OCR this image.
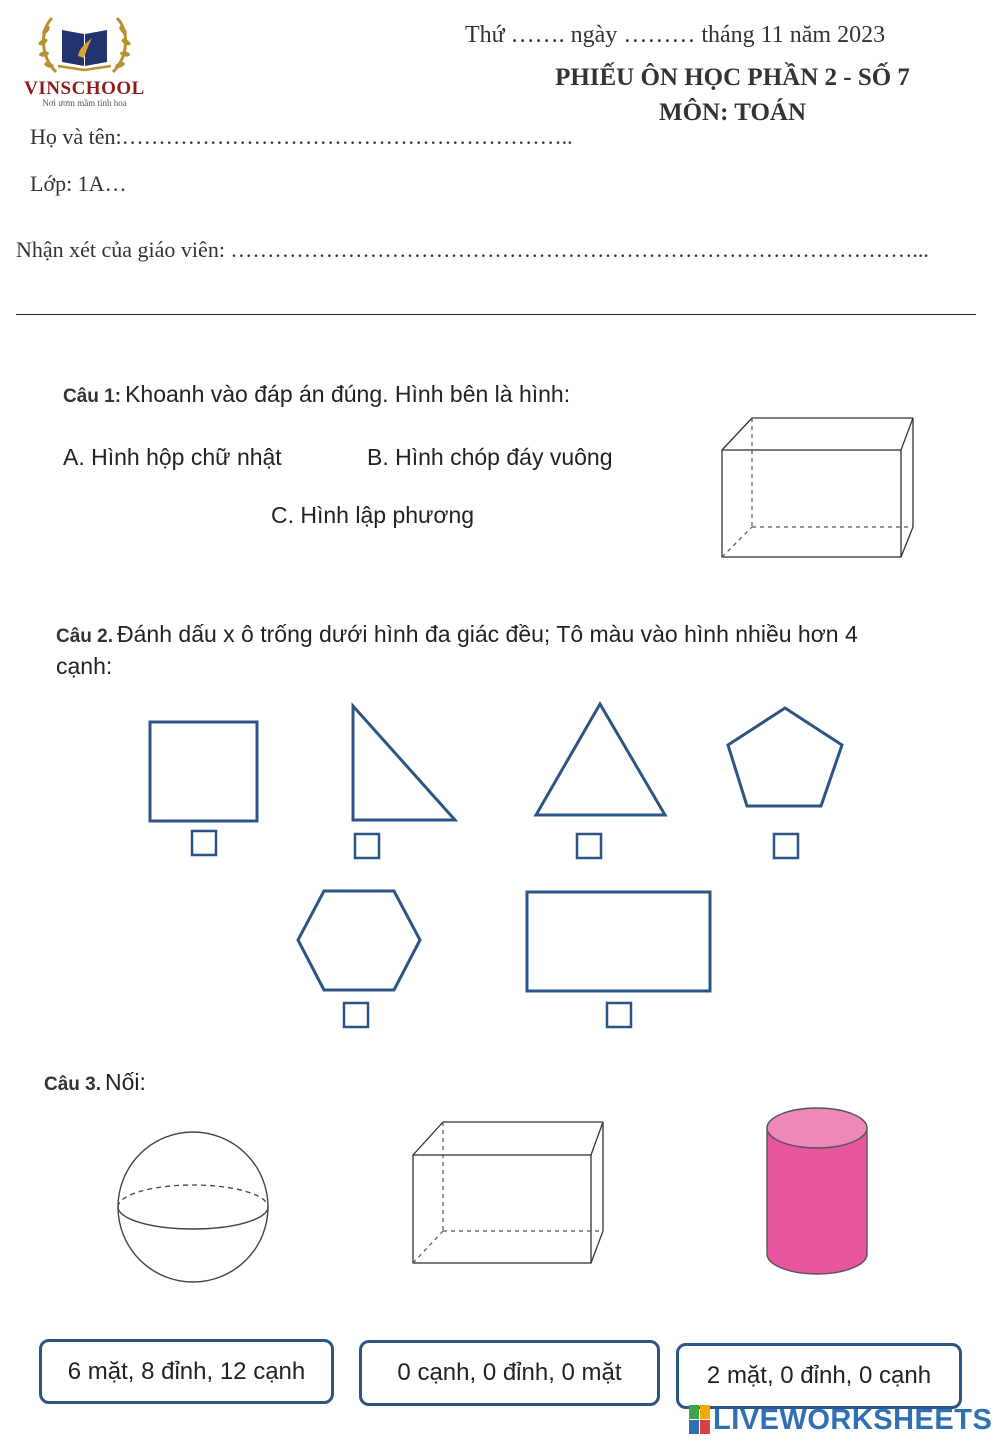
VINSCHOOL
Nơi ươm mầm tinh hoa
Thứ ……. ngày ……… tháng 11 năm 2023
PHIẾU ÔN HỌC PHẦN 2 - SỐ 7
MÔN: TOÁN
Họ và tên:……………………………………………………..
Lớp: 1A…
Nhận xét của giáo viên: …………………………………………………………………………………...
Câu 1: Khoanh vào đáp án đúng. Hình bên là hình:
A. Hình hộp chữ nhật	B. Hình chóp đáy vuông
C. Hình lập phương
Câu 2. Đánh dấu x ô trống dưới hình đa giác đều; Tô màu vào hình nhiều hơn 4
cạnh:
Câu 3. Nối:
6 mặt, 8 đỉnh, 12 cạnh	0 cạnh, 0 đỉnh, 0 mặt	2 mặt, 0 đỉnh, 0 cạnh
LIVEWORKSHEETS
